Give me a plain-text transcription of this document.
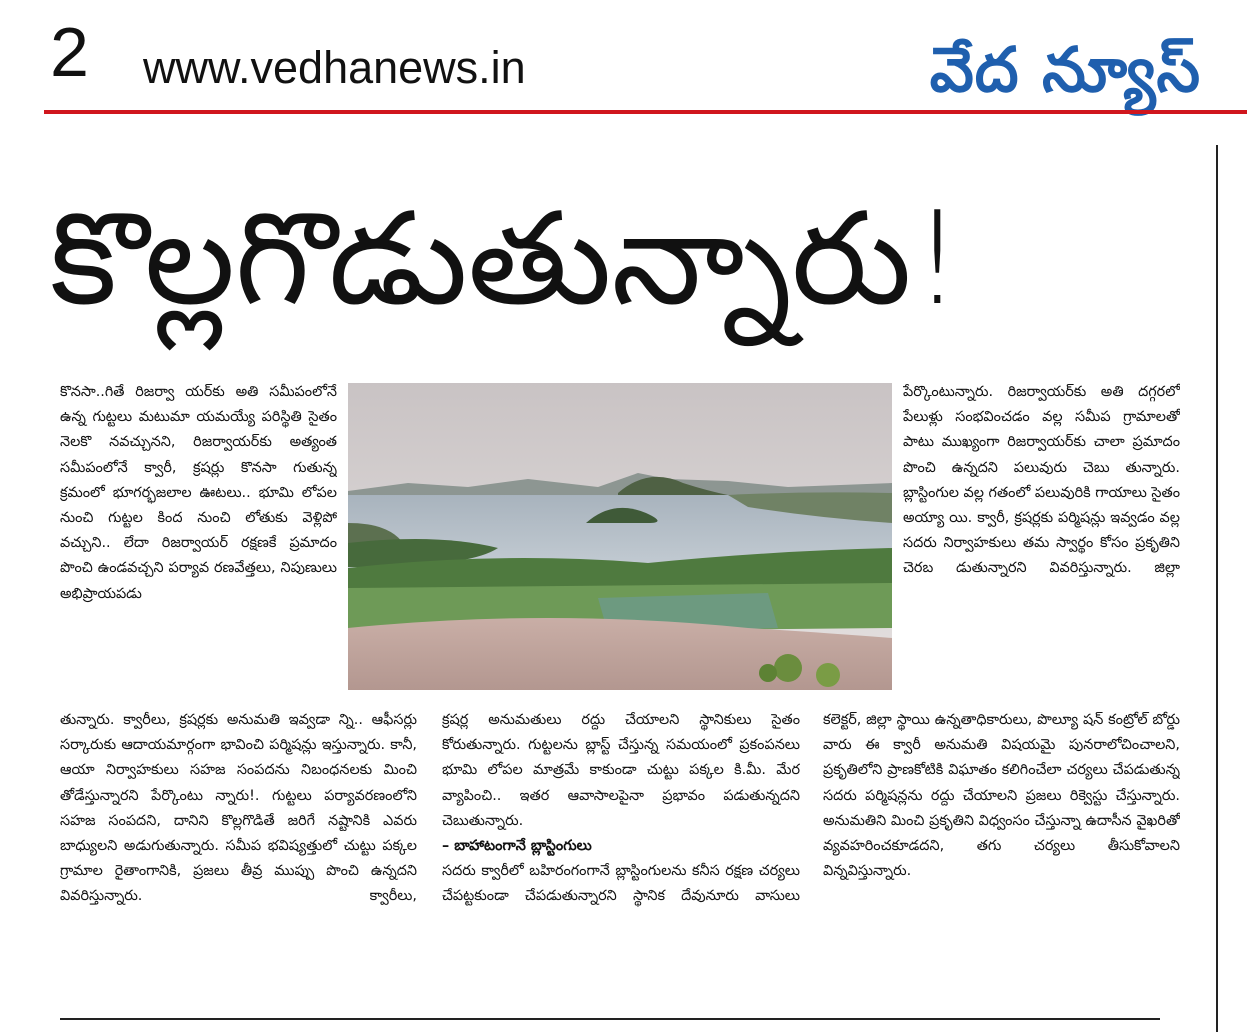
2 www.vedhanews.in	వేద న్యూస్
కొల్లగొడుతున్నారు!

కొనసా..గితే రిజర్వా యర్‌కు అతి సమీపంలోనే ఉన్న గుట్టలు మటుమా యమయ్యే పరిస్థితి సైతం నెలకొ నవచ్చునని, రిజర్వాయర్‌కు అత్యంత సమీపంలోనే క్వారీ, క్రషర్లు కొనసా గుతున్న క్రమంలో భూగర్భజలాల ఊటలు.. భూమి లోపల నుంచి గుట్టల కింద నుంచి లోతుకు వెళ్లిపో వచ్చుని.. లేదా రిజర్వాయర్ రక్షణకే ప్రమాదం పొంచి ఉండవచ్చని పర్యావ రణవేత్తలు, నిపుణులు అభిప్రాయపడు

పేర్కొంటున్నారు. రిజర్వాయర్‌కు అతి దగ్గరలో పేలుళ్లు సంభవించడం వల్ల సమీప గ్రామాలతో పాటు ముఖ్యంగా రిజర్వాయర్‌కు చాలా ప్రమాదం పొంచి ఉన్నదని పలువురు చెబు తున్నారు. బ్లాస్టింగుల వల్ల గతంలో పలువురికి గాయాలు సైతం అయ్యా యి. క్వారీ, క్రషర్లకు పర్మిషన్లు ఇవ్వడం వల్ల సదరు నిర్వాహకులు తమ స్వార్థం కోసం ప్రకృతిని చెరబ డుతున్నారని వివరిస్తున్నారు. జిల్లా

తున్నారు. క్వారీలు, క్రషర్లకు అనుమతి ఇవ్వడా న్ని.. ఆఫీసర్లు సర్కారుకు ఆదాయమార్గంగా భావించి పర్మిషన్లు ఇస్తున్నారు. కానీ, ఆయా నిర్వాహకులు సహజ సంపదను నిబంధనలకు మించి తోడేస్తున్నారని పేర్కొంటు న్నారు!. గుట్టలు పర్యావరణంలోని సహజ సంపదని, దానిని కొల్లగొడితే జరిగే నష్టానికి ఎవరు బాధ్యులని అడుగుతున్నారు. సమీప భవిష్యత్తులో చుట్టు పక్కల గ్రామాల రైతాంగానికి, ప్రజలు తీవ్ర ముప్పు పొంచి ఉన్నదని వివరిస్తున్నారు. క్వారీలు,

క్రషర్ల అనుమతులు రద్దు చేయాలని స్థానికులు సైతం కోరుతున్నారు. గుట్టలను బ్లాస్ట్ చేస్తున్న సమయంలో ప్రకంపనలు భూమి లోపల మాత్రమే కాకుండా చుట్టు పక్కల కి.మీ. మేర వ్యాపించి.. ఇతర ఆవాసాలపైనా ప్రభావం పడుతున్నదని చెబుతున్నారు.

– బాహాటంగానే బ్లాస్టింగులు

సదరు క్వారీలో బహిరంగంగానే బ్లాస్టింగులను కనీస రక్షణ చర్యలు చేపట్టకుండా చేపడుతున్నారని స్థానిక దేవునూరు వాసులు

కలెక్టర్, జిల్లా స్థాయి ఉన్నతాధికారులు, పొల్యూ షన్ కంట్రోల్ బోర్డు వారు ఈ క్వారీ అనుమతి విషయమై పునరాలోచించాలని, ప్రకృతిలోని ప్రాణకోటికి విఘాతం కలిగించేలా చర్యలు చేపడుతున్న సదరు పర్మిషన్లను రద్దు చేయాలని ప్రజలు రిక్వెస్టు చేస్తున్నారు. అనుమతిని మించి ప్రకృతిని విధ్వంసం చేస్తున్నా ఉదాసీన వైఖరితో వ్యవహరించకూడదని, తగు చర్యలు తీసుకోవాలని విన్నవిస్తున్నారు.
